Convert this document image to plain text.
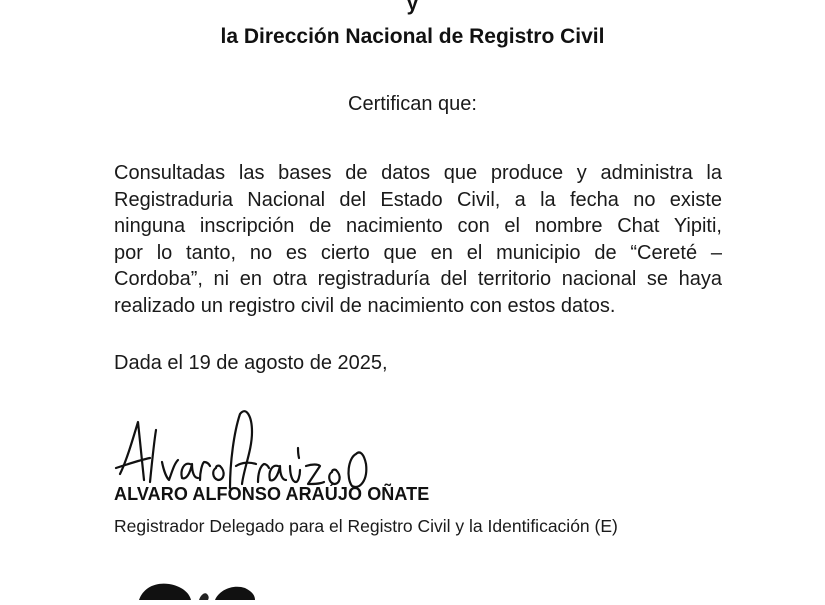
y
la Dirección Nacional de Registro Civil
Certifican que:
Consultadas las bases de datos que produce y administra la
Registraduria Nacional del Estado Civil, a la fecha no existe
ninguna inscripción de nacimiento con el nombre Chat Yipiti,
por lo tanto, no es cierto que en el municipio de “Cereté –
Cordoba”, ni en otra registraduría del territorio nacional se haya
realizado un registro civil de nacimiento con estos datos.
Dada el 19 de agosto de 2025,
ALVARO ALFONSO ARAÚJO OÑATE
Registrador Delegado para el Registro Civil y la Identificación (E)
